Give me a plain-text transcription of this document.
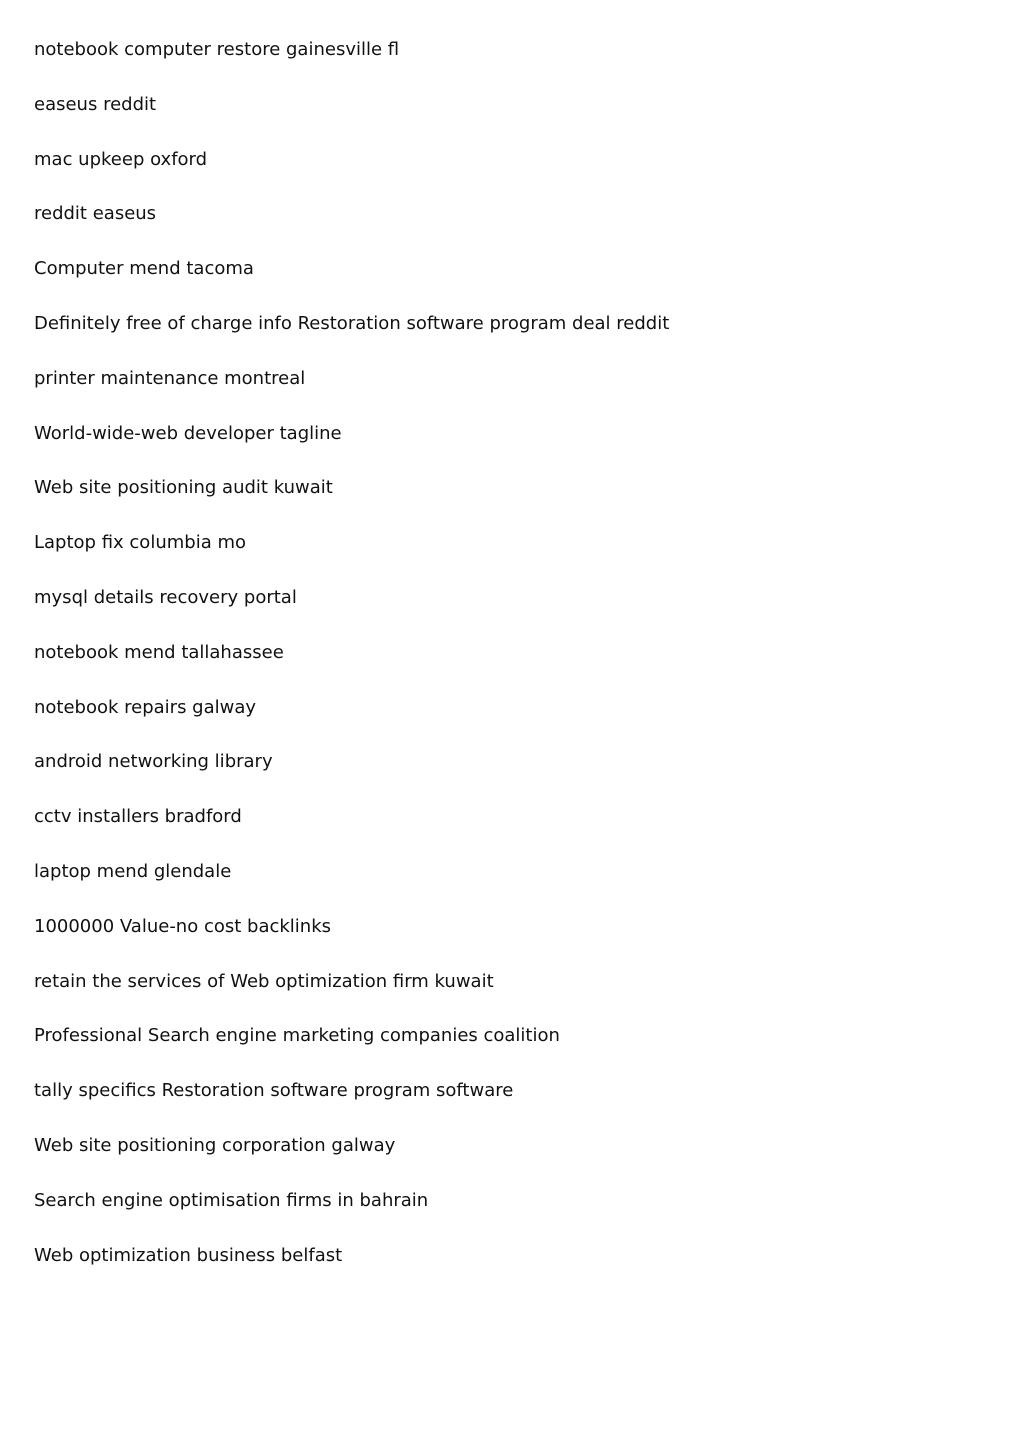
notebook computer restore gainesville fl
easeus reddit
mac upkeep oxford
reddit easeus
Computer mend tacoma
Definitely free of charge info Restoration software program deal reddit
printer maintenance montreal
World-wide-web developer tagline
Web site positioning audit kuwait
Laptop fix columbia mo
mysql details recovery portal
notebook mend tallahassee
notebook repairs galway
android networking library
cctv installers bradford
laptop mend glendale
1000000 Value-no cost backlinks
retain the services of Web optimization firm kuwait
Professional Search engine marketing companies coalition
tally specifics Restoration software program software
Web site positioning corporation galway
Search engine optimisation firms in bahrain
Web optimization business belfast
